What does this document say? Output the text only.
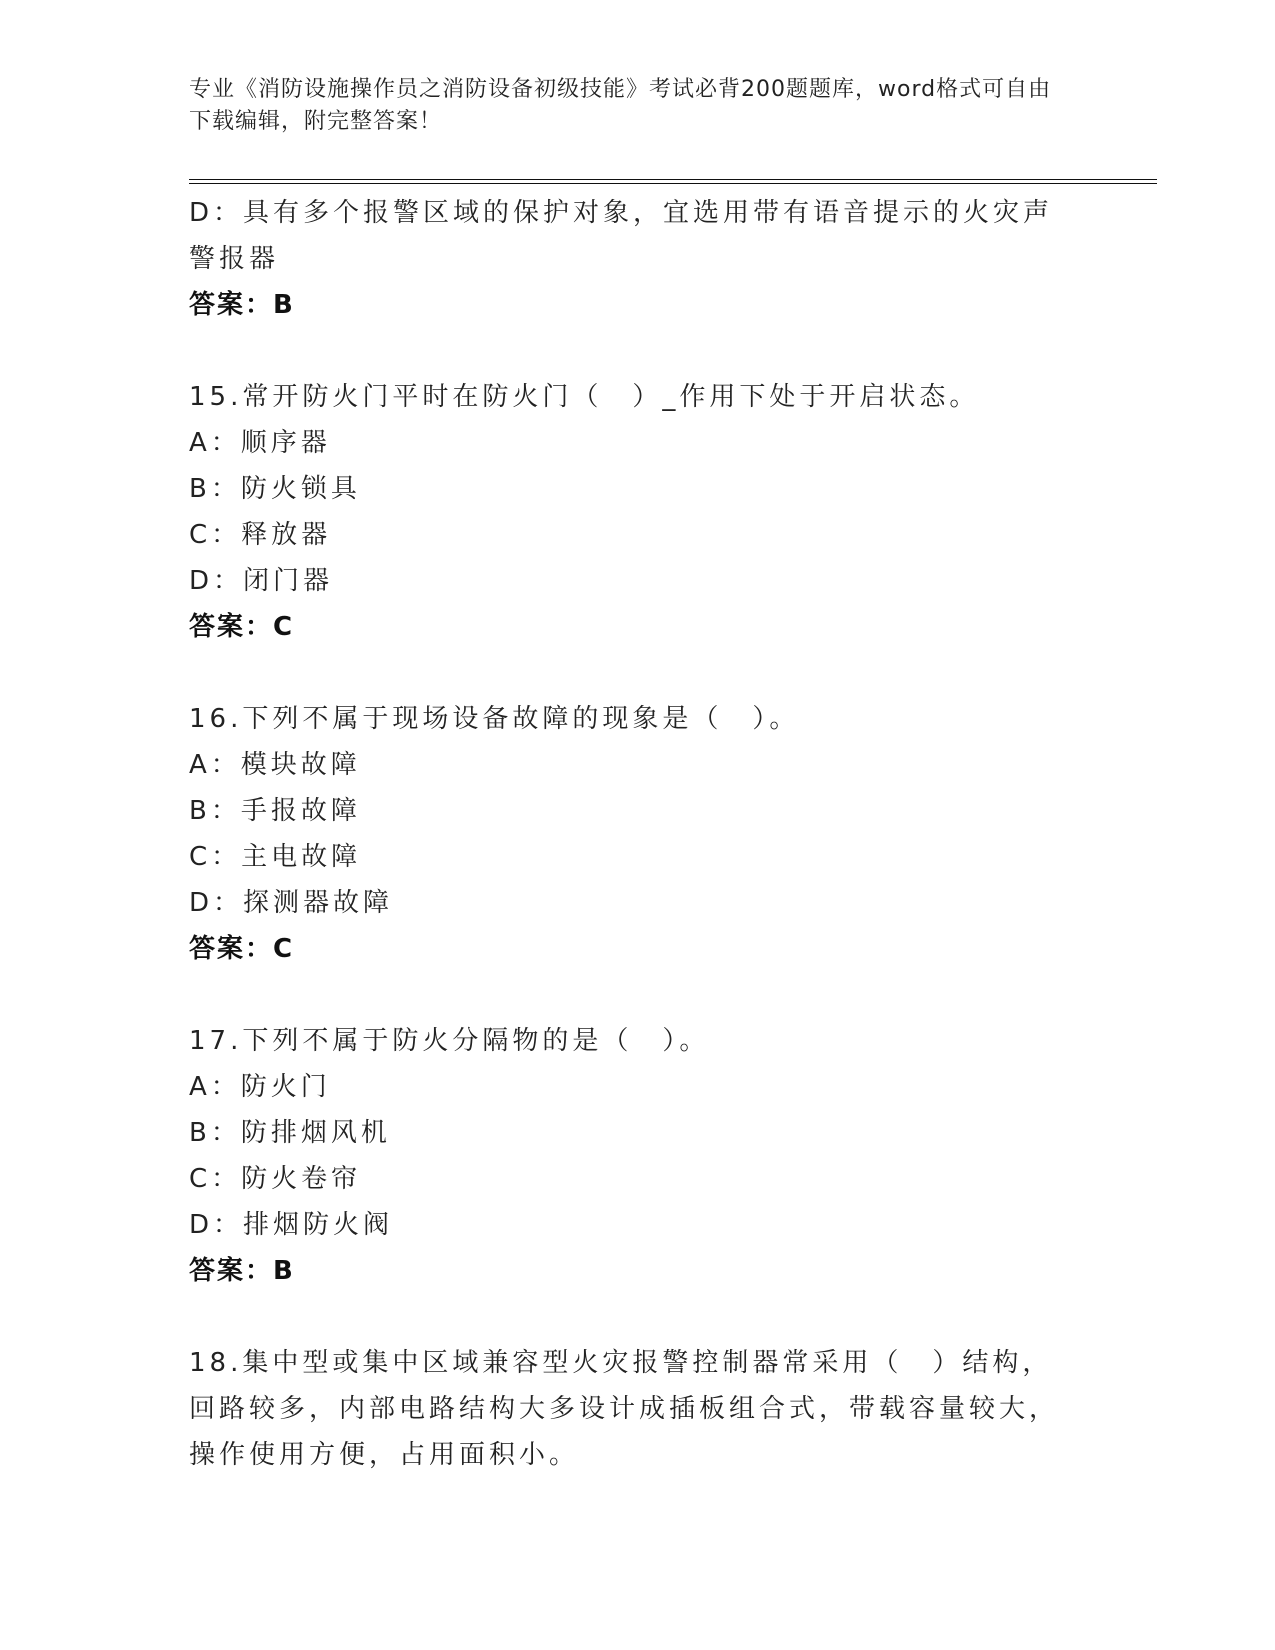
专业《消防设施操作员之消防设备初级技能》考试必背200题题库，word格式可自由下载编辑，附完整答案！
D：具有多个报警区域的保护对象，宜选用带有语音提示的火灾声警报器
答案：B
15.常开防火门平时在防火门（　）_作用下处于开启状态。
A：顺序器
B：防火锁具
C：释放器
D：闭门器
答案：C
16.下列不属于现场设备故障的现象是（　）。
A：模块故障
B：手报故障
C：主电故障
D：探测器故障
答案：C
17.下列不属于防火分隔物的是（　）。
A：防火门
B：防排烟风机
C：防火卷帘
D：排烟防火阀
答案：B
18.集中型或集中区域兼容型火灾报警控制器常采用（　）结构，回路较多，内部电路结构大多设计成插板组合式，带载容量较大，操作使用方便，占用面积小。
